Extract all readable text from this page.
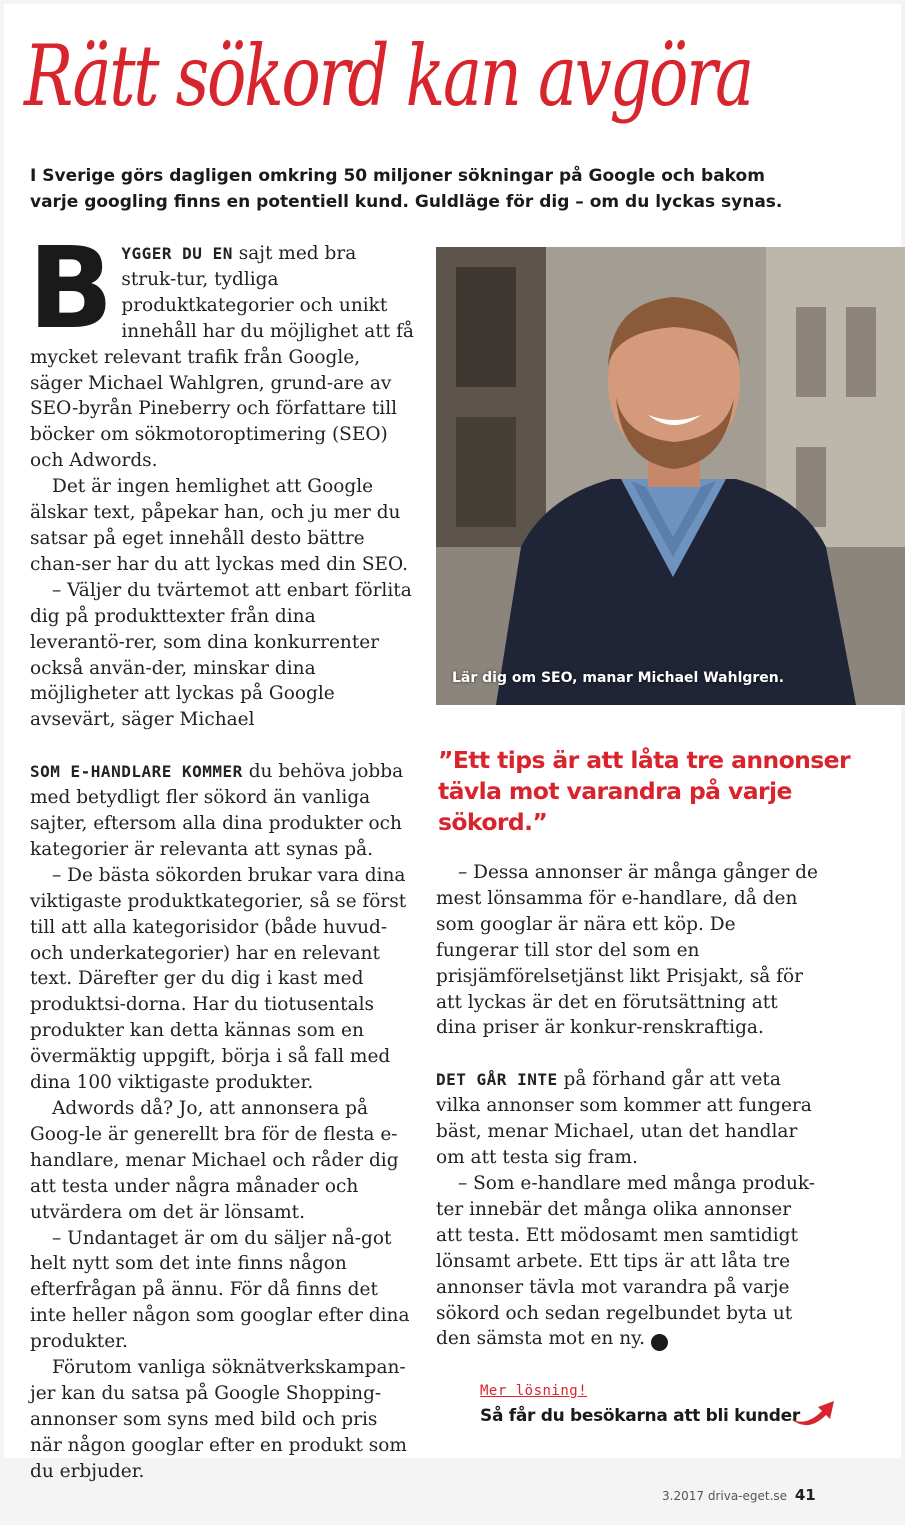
Rätt sökord kan avgöra

I Sverige görs dagligen omkring 50 miljoner sökningar på Google och bakom varje googling finns en potentiell kund. Guldläge för dig – om du lyckas synas.

BYGGER DU EN sajt med bra struk-tur, tydliga produktkategorier och unikt innehåll har du möjlighet att få mycket relevant trafik från Google, säger Michael Wahlgren, grund-are av SEO-byrån Pineberry och författare till böcker om sökmotoroptimering (SEO) och Adwords.

Det är ingen hemlighet att Google älskar text, påpekar han, och ju mer du satsar på eget innehåll desto bättre chan-ser har du att lyckas med din SEO.

– Väljer du tvärtemot att enbart förlita dig på produkttexter från dina leverantö-rer, som dina konkurrenter också använ-der, minskar dina möjligheter att lyckas på Google avsevärt, säger Michael

SOM E-HANDLARE KOMMER du behöva jobba med betydligt fler sökord än vanliga sajter, eftersom alla dina produkter och kategorier är relevanta att synas på.

– De bästa sökorden brukar vara dina viktigaste produktkategorier, så se först till att alla kategorisidor (både huvud- och underkategorier) har en relevant text. Därefter ger du dig i kast med produktsi-dorna. Har du tiotusentals produkter kan detta kännas som en övermäktig uppgift, börja i så fall med dina 100 viktigaste produkter.

Adwords då? Jo, att annonsera på Goog-le är generellt bra för de flesta e-handlare, menar Michael och råder dig att testa under några månader och utvärdera om det är lönsamt.

– Undantaget är om du säljer nå-got helt nytt som det inte finns någon efterfrågan på ännu. För då finns det inte heller någon som googlar efter dina produkter.

Förutom vanliga söknätverkskampan-jer kan du satsa på Google Shopping-annonser som syns med bild och pris när någon googlar efter en produkt som du erbjuder.

Lär dig om SEO, manar Michael Wahlgren.

”Ett tips är att låta tre annonser tävla mot varandra på varje sökord.”

– Dessa annonser är många gånger de mest lönsamma för e-handlare, då den som googlar är nära ett köp. De fungerar till stor del som en prisjämförelsetjänst likt Prisjakt, så för att lyckas är det en förutsättning att dina priser är konkur-renskraftiga.

DET GÅR INTE på förhand går att veta vilka annonser som kommer att fungera bäst, menar Michael, utan det handlar om att testa sig fram.

– Som e-handlare med många produk-ter innebär det många olika annonser att testa. Ett mödosamt men samtidigt lönsamt arbete. Ett tips är att låta tre annonser tävla mot varandra på varje sökord och sedan regelbundet byta ut den sämsta mot en ny. d

Mer lösning!

Så får du besökarna att bli kunder

3.2017 driva-eget.se 41
